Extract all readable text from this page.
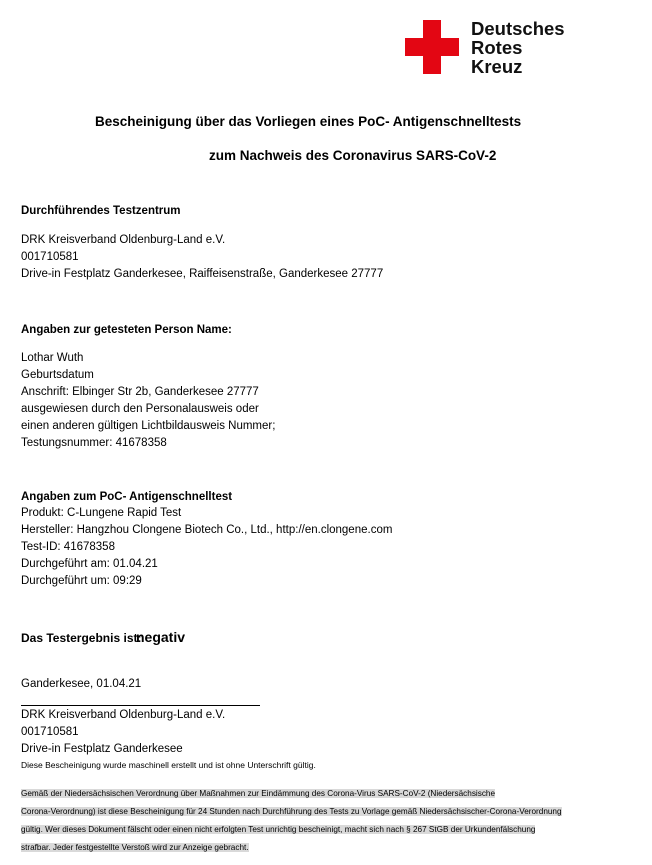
Deutsches
Rotes
Kreuz
Bescheinigung über das Vorliegen eines PoC- Antigenschnelltests
zum Nachweis des Coronavirus SARS-CoV-2
Durchführendes Testzentrum
DRK Kreisverband Oldenburg-Land e.V.
001710581
Drive-in Festplatz Ganderkesee, Raiffeisenstraße, Ganderkesee 27777
Angaben zur getesteten Person Name:
Lothar Wuth
Geburtsdatum
Anschrift: Elbinger Str 2b, Ganderkesee 27777
ausgewiesen durch den Personalausweis oder
einen anderen gültigen Lichtbildausweis Nummer;
Testungsnummer: 41678358
Angaben zum PoC- Antigenschnelltest
Produkt: C-Lungene Rapid Test
Hersteller: Hangzhou Clongene Biotech Co., Ltd., http://en.clongene.com
Test-ID: 41678358
Durchgeführt am: 01.04.21
Durchgeführt um: 09:29
Das Testergebnis ist:
negativ
Ganderkesee, 01.04.21
DRK Kreisverband Oldenburg-Land e.V.
001710581
Drive-in Festplatz Ganderkesee
Diese Bescheinigung wurde maschinell erstellt und ist ohne Unterschrift gültig.
Gemäß der Niedersächsischen Verordnung über Maßnahmen zur Eindämmung des Corona-Virus SARS-CoV-2 (Niedersächsische
Corona-Verordnung) ist diese Bescheinigung für 24 Stunden nach Durchführung des Tests zu Vorlage gemäß Niedersächsischer-Corona-Verordnung
gültig. Wer dieses Dokument fälscht oder einen nicht erfolgten Test unrichtig bescheinigt, macht sich nach § 267 StGB der Urkundenfälschung
strafbar. Jeder festgestellte Verstoß wird zur Anzeige gebracht.
